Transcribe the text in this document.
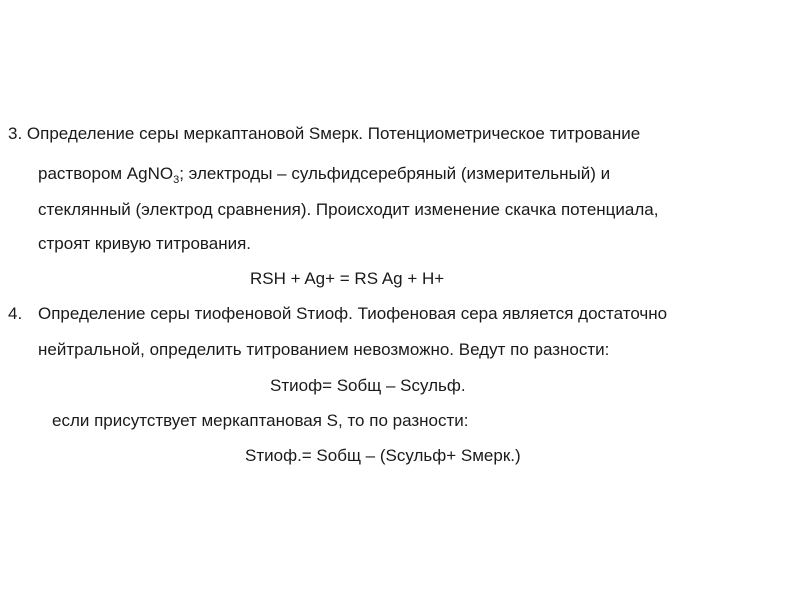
3. Определение серы меркаптановой Sмерк. Потенциометрическое титрование
раствором AgNO$_3$; электроды – сульфидсеребряный (измерительный) и
стеклянный (электрод сравнения). Происходит изменение скачка потенциала,
строят кривую титрования.
RSH + Ag+ = RS Ag + H+
4. Определение серы тиофеновой Sтиоф. Тиофеновая сера является достаточно
нейтральной, определить титрованием невозможно. Ведут по разности:
Sтиоф= Sобщ – Sсульф.
если присутствует меркаптановая S, то по разности:
Sтиоф.= Sобщ – (Sсульф+ Sмерк.)
